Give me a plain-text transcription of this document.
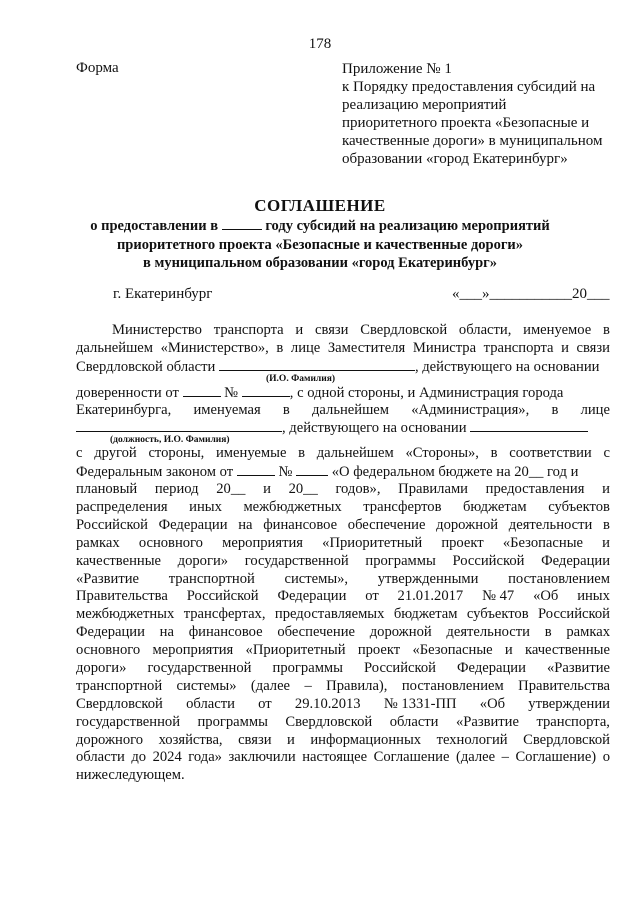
178
Форма	Приложение № 1
к Порядку предоставления субсидий на
реализацию мероприятий
приоритетного проекта «Безопасные и
качественные дороги» в муниципальном
образовании «город Екатеринбург»
СОГЛАШЕНИЕ
о предоставлении в	году субсидий на реализацию мероприятий
приоритетного проекта «Безопасные и качественные дороги»
в муниципальном образовании «город Екатеринбург»
г. Екатеринбург	«___»___________20___
Министерство транспорта и связи Свердловской области, именуемое в
дальнейшем «Министерство», в лице Заместителя Министра транспорта и связи
Свердловской области	, действующего на основании
(И.О. Фамилия)
доверенности от	№	, с одной стороны, и Администрация города
Екатеринбурга, именуемая в дальнейшем «Администрация», в лице
, действующего на основании
(должность, И.О. Фамилия)
с другой стороны, именуемые в дальнейшем «Стороны», в соответствии с
Федеральным законом от	№	«О федеральном бюджете на 20__ год и
плановый период 20__ и 20__ годов», Правилами предоставления и
распределения иных межбюджетных трансфертов бюджетам субъектов
Российской Федерации на финансовое обеспечение дорожной деятельности в
рамках основного мероприятия «Приоритетный проект «Безопасные и
качественные дороги» государственной программы Российской Федерации
«Развитие транспортной системы», утвержденными постановлением
Правительства Российской Федерации от 21.01.2017 № 47 «Об иных
межбюджетных трансфертах, предоставляемых бюджетам субъектов Российской
Федерации на финансовое обеспечение дорожной деятельности в рамках
основного мероприятия «Приоритетный проект «Безопасные и качественные
дороги» государственной программы Российской Федерации «Развитие
транспортной системы» (далее – Правила), постановлением Правительства
Свердловской области от 29.10.2013 № 1331-ПП «Об утверждении
государственной программы Свердловской области «Развитие транспорта,
дорожного хозяйства, связи и информационных технологий Свердловской
области до 2024 года» заключили настоящее Соглашение (далее – Соглашение) о
нижеследующем.
